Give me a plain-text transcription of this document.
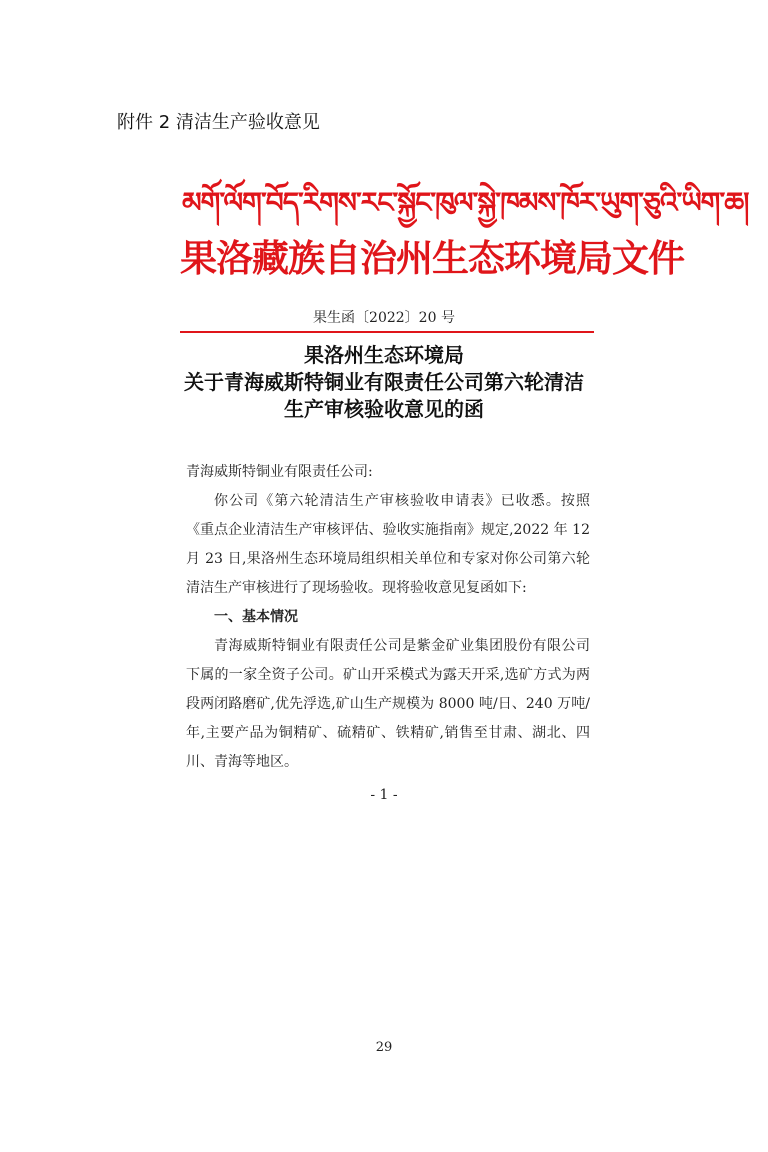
附件 2 清洁生产验收意见
མགོ་ལོག་བོད་རིགས་རང་སྐྱོང་ཁུལ་སྐྱེ་ཁམས་ཁོར་ཡུག་ཅུའི་ཡིག་ཆ།
果洛藏族自治州生态环境局文件
果生函〔2022〕20 号
果洛州生态环境局
关于青海威斯特铜业有限责任公司第六轮清洁
生产审核验收意见的函

青海威斯特铜业有限责任公司:

你公司《第六轮清洁生产审核验收申请表》已收悉。按照《重点企业清洁生产审核评估、验收实施指南》规定,2022 年 12 月 23 日,果洛州生态环境局组织相关单位和专家对你公司第六轮清洁生产审核进行了现场验收。现将验收意见复函如下:

一、基本情况

青海威斯特铜业有限责任公司是紫金矿业集团股份有限公司下属的一家全资子公司。矿山开采模式为露天开采,选矿方式为两段两闭路磨矿,优先浮选,矿山生产规模为 8000 吨/日、240 万吨/年,主要产品为铜精矿、硫精矿、铁精矿,销售至甘肃、湖北、四川、青海等地区。

- 1 -
29
